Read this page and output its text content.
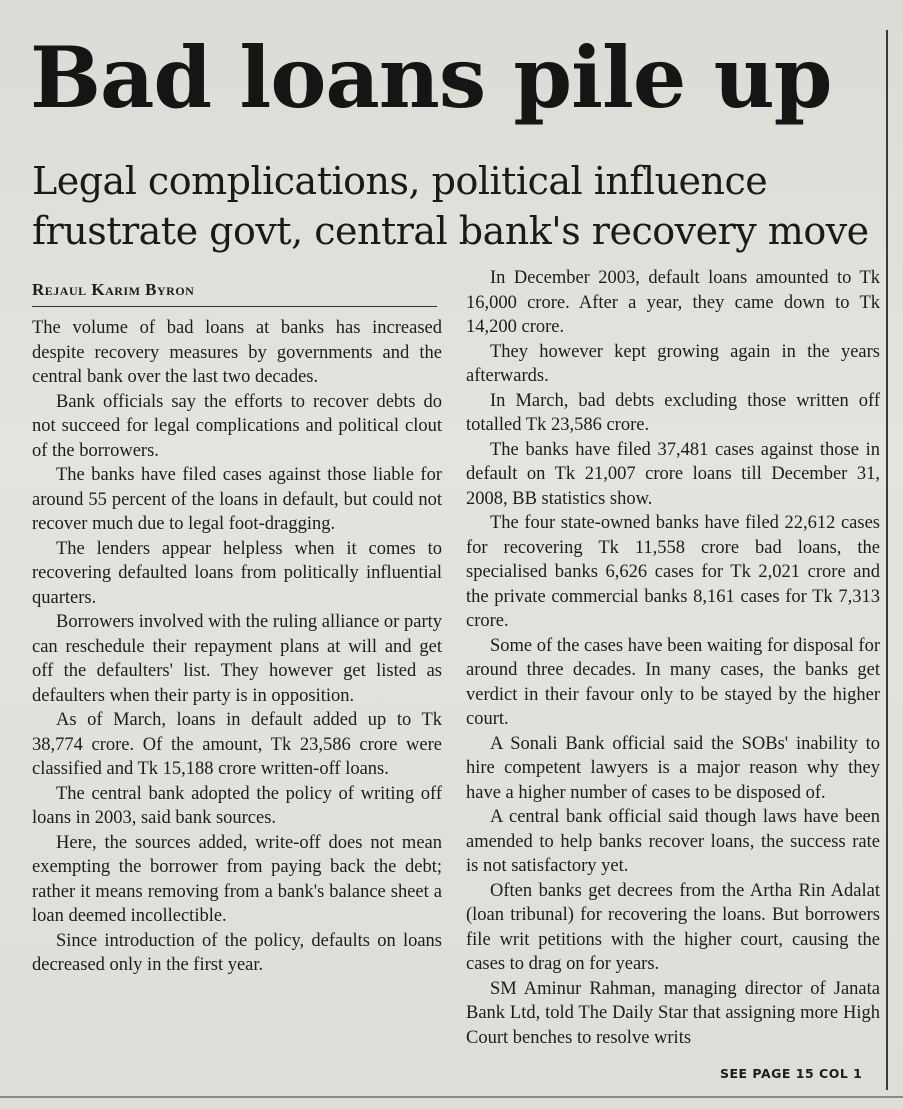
Bad loans pile up
Legal complications, political influence frustrate govt, central bank's recovery move
Rejaul Karim Byron

The volume of bad loans at banks has increased despite recovery measures by governments and the central bank over the last two decades.

Bank officials say the efforts to recover debts do not succeed for legal complications and political clout of the borrowers.

The banks have filed cases against those liable for around 55 percent of the loans in default, but could not recover much due to legal foot-dragging.

The lenders appear helpless when it comes to recovering defaulted loans from politically influential quarters.

Borrowers involved with the ruling alliance or party can reschedule their repayment plans at will and get off the defaulters' list. They however get listed as defaulters when their party is in opposition.

As of March, loans in default added up to Tk 38,774 crore. Of the amount, Tk 23,586 crore were classified and Tk 15,188 crore written-off loans.

The central bank adopted the policy of writing off loans in 2003, said bank sources.

Here, the sources added, write-off does not mean exempting the borrower from paying back the debt; rather it means removing from a bank's balance sheet a loan deemed incollectible.

Since introduction of the policy, defaults on loans decreased only in the first year.

In December 2003, default loans amounted to Tk 16,000 crore. After a year, they came down to Tk 14,200 crore.

They however kept growing again in the years afterwards.

In March, bad debts excluding those written off totalled Tk 23,586 crore.

The banks have filed 37,481 cases against those in default on Tk 21,007 crore loans till December 31, 2008, BB statistics show.

The four state-owned banks have filed 22,612 cases for recovering Tk 11,558 crore bad loans, the specialised banks 6,626 cases for Tk 2,021 crore and the private commercial banks 8,161 cases for Tk 7,313 crore.

Some of the cases have been waiting for disposal for around three decades. In many cases, the banks get verdict in their favour only to be stayed by the higher court.

A Sonali Bank official said the SOBs' inability to hire competent lawyers is a major reason why they have a higher number of cases to be disposed of.

A central bank official said though laws have been amended to help banks recover loans, the success rate is not satisfactory yet.

Often banks get decrees from the Artha Rin Adalat (loan tribunal) for recovering the loans. But borrowers file writ petitions with the higher court, causing the cases to drag on for years.

SM Aminur Rahman, managing director of Janata Bank Ltd, told The Daily Star that assigning more High Court benches to resolve writs

SEE PAGE 15 COL 1
